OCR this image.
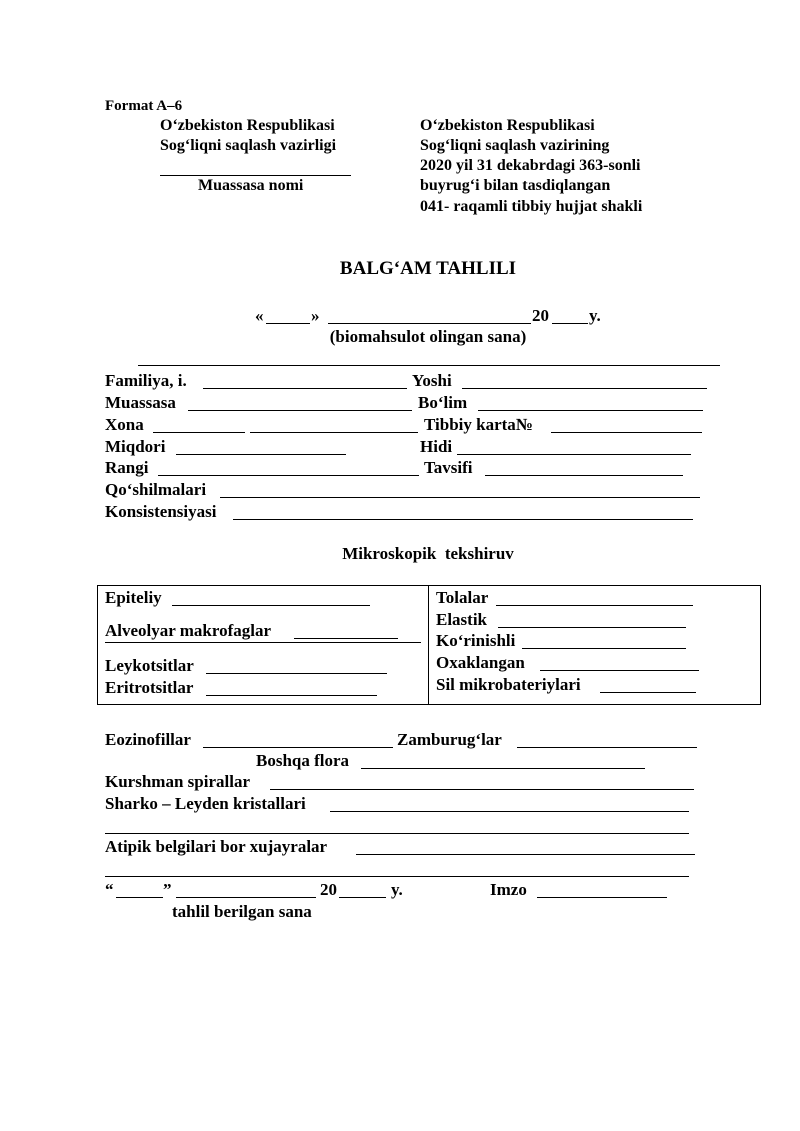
Format A–6
O‘zbekiston Respublikasi
Sog‘liqni saqlash vazirligi
Muassasa nomi
O‘zbekiston Respublikasi
Sog‘liqni saqlash vazirining
2020 yil 31 dekabrdagi 363-sonli
buyrug‘i bilan tasdiqlangan
041- raqamli tibbiy hujjat shakli
BALG‘AM TAHLILI
«	»	20 y.
(biomahsulot olingan sana)
Familiya, i.	Yoshi
Muassasa	Bo‘lim
Xona	Tibbiy karta№
Miqdori	Hidi
Rangi	Tavsifi
Qo‘shilmalari
Konsistensiyasi
Mikroskopik  tekshiruv
Epiteliy
Alveolyar makrofaglar
Leykotsitlar
Eritrotsitlar
Tolalar
Elastik
Ko‘rinishli
Oxaklangan
Sil mikrobateriylari
Eozinofillar	Zamburug‘lar
Boshqa flora
Kurshman spirallar
Sharko – Leyden kristallari
Atipik belgilari bor xujayralar
“	”	20	y.	Imzo
tahlil berilgan sana
